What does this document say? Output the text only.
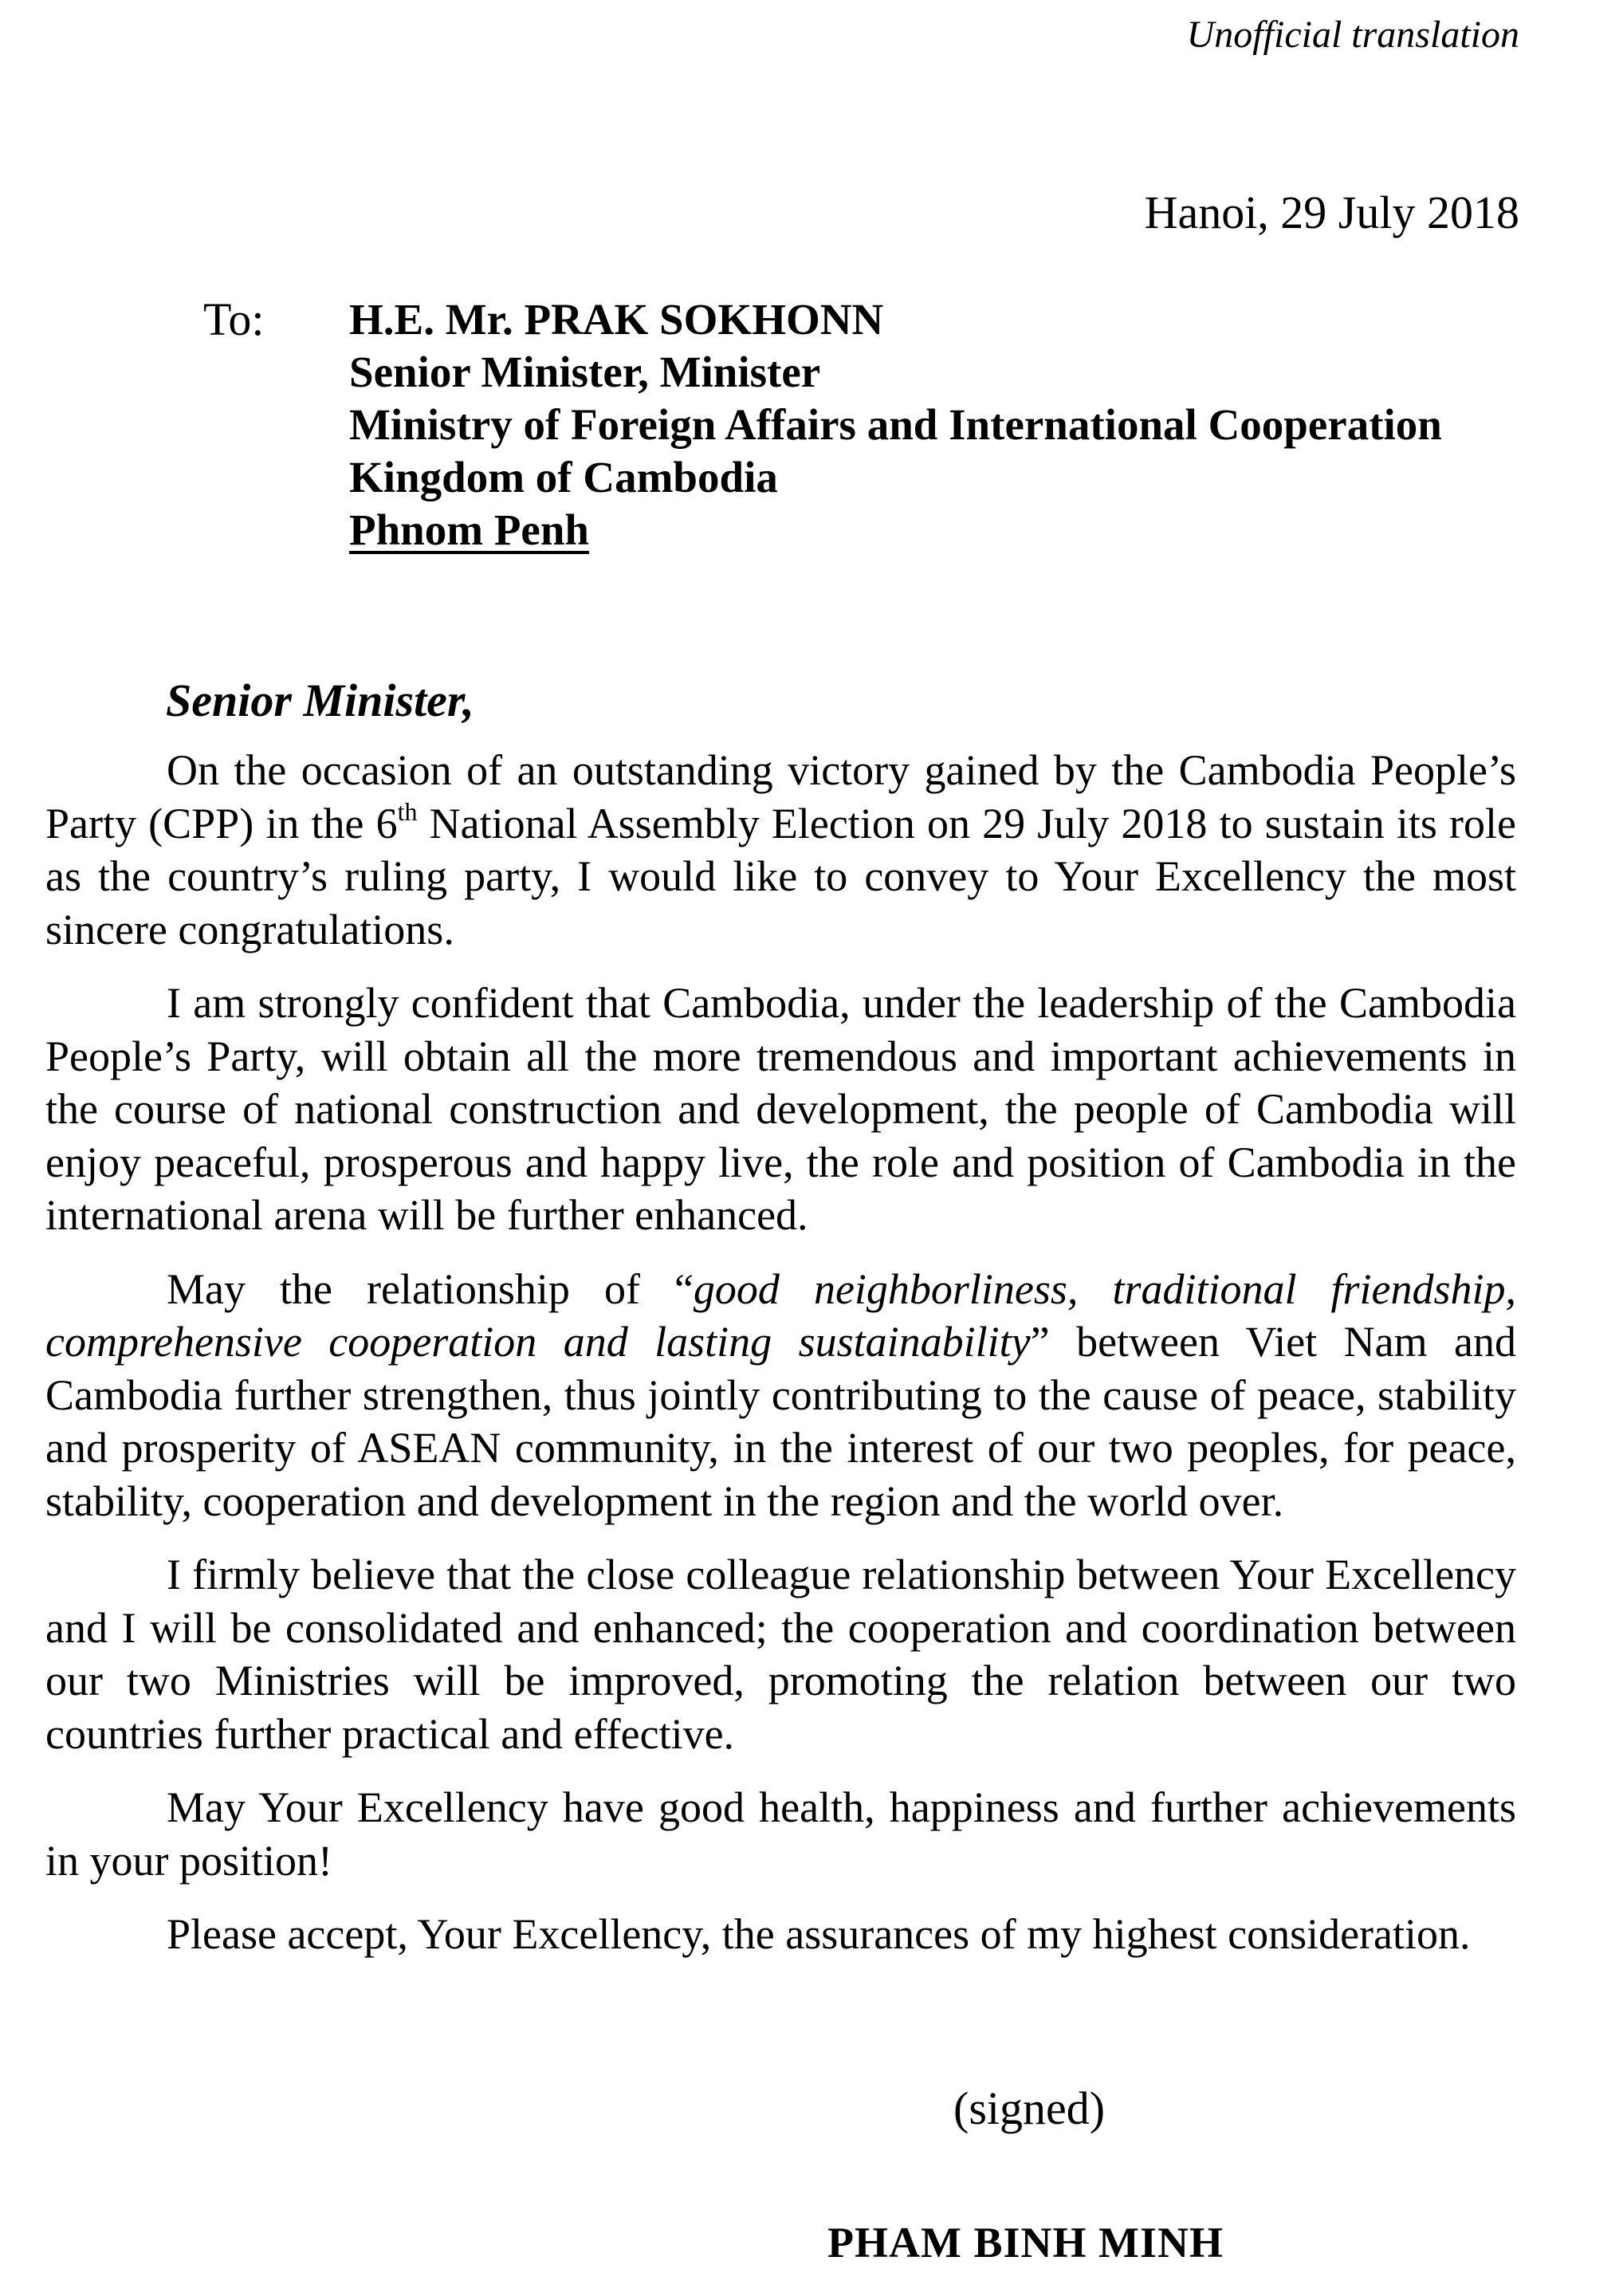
Unofficial translation
Hanoi, 29 July 2018
To: H.E. Mr. PRAK SOKHONN
Senior Minister, Minister
Ministry of Foreign Affairs and International Cooperation
Kingdom of Cambodia
Phnom Penh
Senior Minister,

On the occasion of an outstanding victory gained by the Cambodia People’s Party (CPP) in the 6th National Assembly Election on 29 July 2018 to sustain its role as the country’s ruling party, I would like to convey to Your Excellency the most sincere congratulations.

I am strongly confident that Cambodia, under the leadership of the Cambodia People’s Party, will obtain all the more tremendous and important achievements in the course of national construction and development, the people of Cambodia will enjoy peaceful, prosperous and happy live, the role and position of Cambodia in the international arena will be further enhanced.

May the relationship of “good neighborliness, traditional friendship, comprehensive cooperation and lasting sustainability” between Viet Nam and Cambodia further strengthen, thus jointly contributing to the cause of peace, stability and prosperity of ASEAN community, in the interest of our two peoples, for peace, stability, cooperation and development in the region and the world over.

I firmly believe that the close colleague relationship between Your Excellency and I will be consolidated and enhanced; the cooperation and coordination between our two Ministries will be improved, promoting the relation between our two countries further practical and effective.

May Your Excellency have good health, happiness and further achievements in your position!

Please accept, Your Excellency, the assurances of my highest consideration.

(signed)
PHAM BINH MINH
